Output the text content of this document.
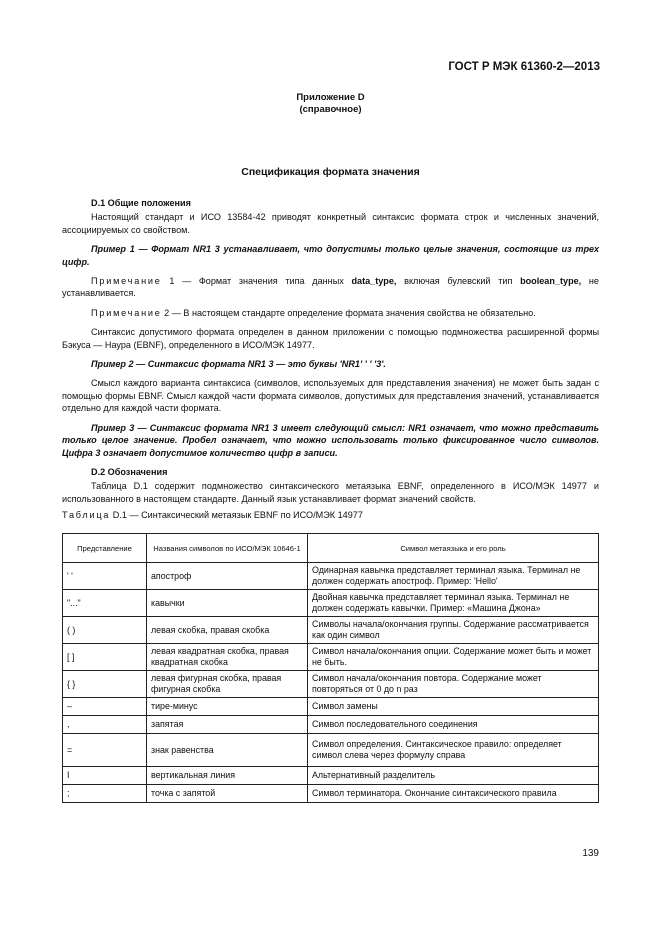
ГОСТ Р МЭК 61360-2—2013
Приложение D
(справочное)
Спецификация формата значения
D.1 Общие положения
Настоящий стандарт и ИСО 13584-42 приводят конкретный синтаксис формата строк и численных значений, ассоциируемых со свойством.
Пример 1 — Формат NR1 3 устанавливает, что допустимы только целые значения, состоящие из трех цифр.
Примечание 1 — Формат значения типа данных data_type, включая булевский тип boolean_type, не устанавливается.
Примечание 2 — В настоящем стандарте определение формата значения свойства не обязательно.
Синтаксис допустимого формата определен в данном приложении с помощью подмножества расширенной формы Бэкуса — Наура (EBNF), определенного в ИСО/МЭК 14977.
Пример 2 — Синтаксис формата NR1 3 — это буквы 'NR1' ' ' '3'.
Смысл каждого варианта синтаксиса (символов, используемых для представления значения) не может быть задан с помощью формы EBNF. Смысл каждой части формата символов, допустимых для представления значений, устанавливается отдельно для каждой части формата.
Пример 3 — Синтаксис формата NR1 3 имеет следующий смысл: NR1 означает, что можно представить только целое значение. Пробел означает, что можно использовать только фиксированное число символов. Цифра 3 означает допустимое количество цифр в записи.
D.2 Обозначения
Таблица D.1 содержит подмножество синтаксического метаязыка EBNF, определенного в ИСО/МЭК 14977 и использованного в настоящем стандарте. Данный язык устанавливает формат значений свойств.
Таблица D.1 — Синтаксический метаязык EBNF по ИСО/МЭК 14977
Представление	Названия символов по ИСО/МЭК 10646-1	Символ метаязыка и его роль
' '	апостроф	Одинарная кавычка представляет терминал языка. Терминал не должен содержать апостроф. Пример: 'Hello'
"..."	кавычки	Двойная кавычка представляет терминал языка. Терминал не должен содержать кавычки. Пример: «Машина Джона»
( )	левая скобка, правая скобка	Символы начала/окончания группы. Содержание рассматривается как один символ
[ ]	левая квадратная скобка, правая квадратная скобка	Символ начала/окончания опции. Содержание может быть и может не быть.
{ }	левая фигурная скобка, правая фигурная скобка	Символ начала/окончания повтора. Содержание может повторяться от 0 до n раз
–	тире-минус	Символ замены
,	запятая	Символ последовательного соединения
=	знак равенства	Символ определения. Синтаксическое правило: определяет символ слева через формулу справа
I	вертикальная линия	Альтернативный разделитель
;	точка с запятой	Символ терминатора. Окончание синтаксического правила
139
